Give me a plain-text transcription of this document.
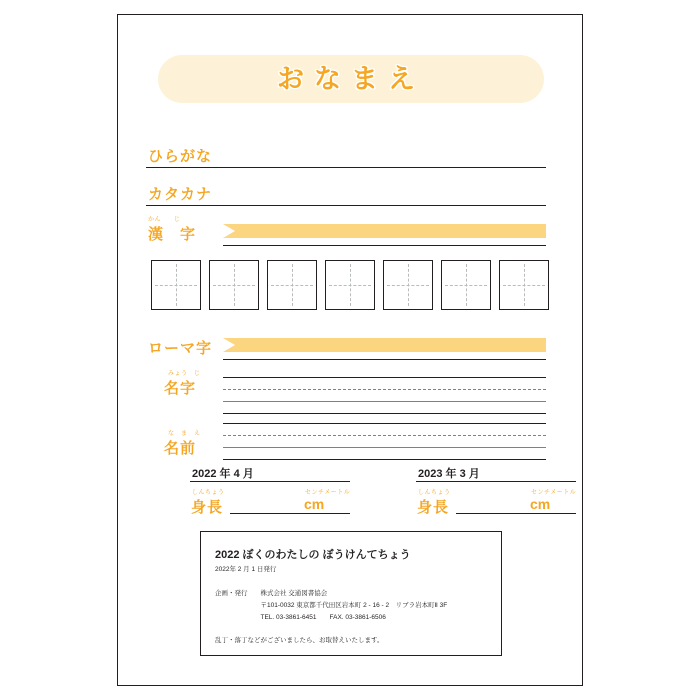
おなまえ
ひらがな
カタカナ
かん　　じ
漢　字
ローマ字
みょう　じ
名字
な　ま　え
名前
2022 年 4 月
しんちょう
身長
センチメートル
cm
2023 年 3 月
しんちょう
身長
センチメートル
cm
2022 ぼくのわたしの ぼうけんてちょう
2022年 2 月 1 日発行
企画・発行　　株式会社 交通図書協会
　　　　　　　〒101-0032 東京都千代田区岩本町 2 - 16 - 2　リブラ岩本町Ⅱ 3F
　　　　　　　TEL. 03-3861-6451　　FAX. 03-3861-6506
乱丁・落丁などがございましたら、お取替えいたします。
